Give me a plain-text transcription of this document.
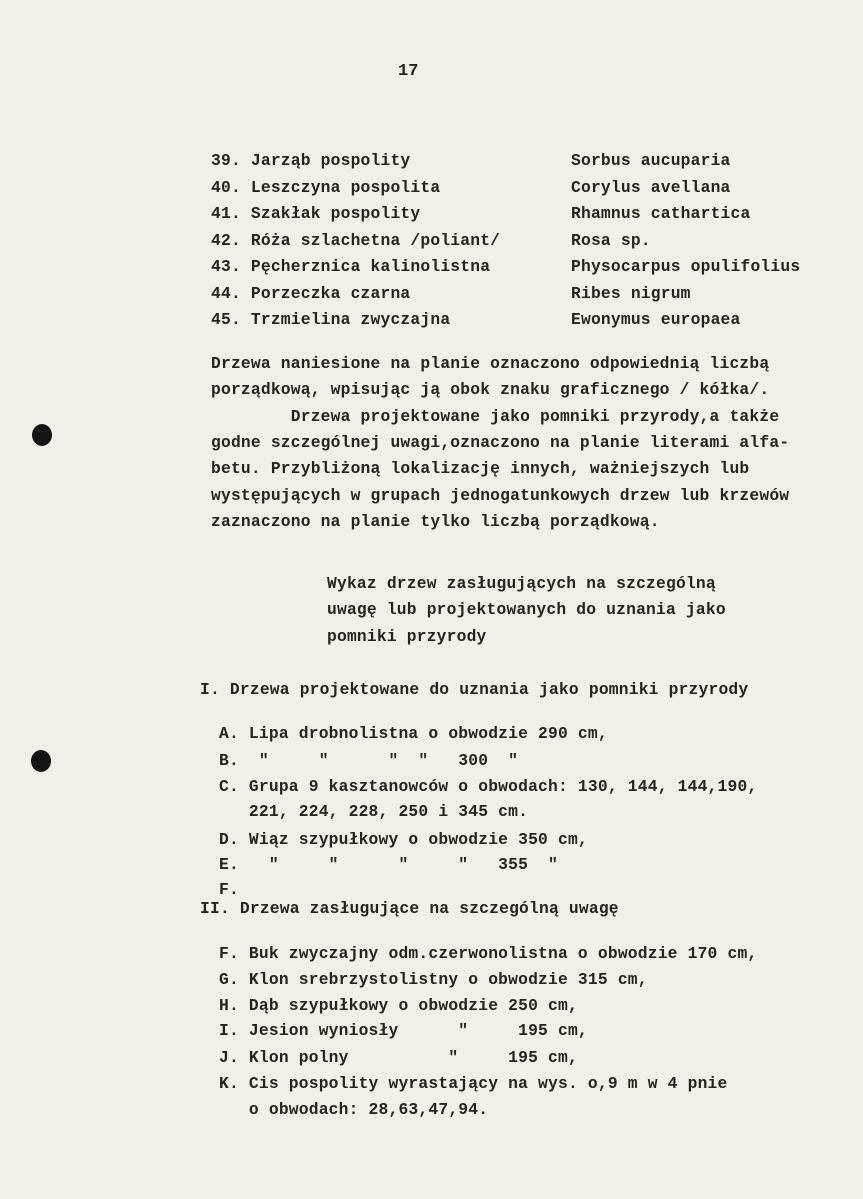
17
39. Jarząb pospolity	Sorbus aucuparia
40. Leszczyna pospolita	Corylus avellana
41. Szakłak pospolity	Rhamnus cathartica
42. Róża szlachetna /poliant/	Rosa sp.
43. Pęcherznica kalinolistna	Physocarpus opulifolius
44. Porzeczka czarna	Ribes nigrum
45. Trzmielina zwyczajna	Ewonymus europaea
Drzewa naniesione na planie oznaczono odpowiednią liczbą
porządkową, wpisując ją obok znaku graficznego / kółka/.
Drzewa projektowane jako pomniki przyrody,a także
godne szczególnej uwagi,oznaczono na planie literami alfa-
betu. Przybliżoną lokalizację innych, ważniejszych lub
występujących w grupach jednogatunkowych drzew lub krzewów
zaznaczono na planie tylko liczbą porządkową.
Wykaz drzew zasługujących na szczególną
uwagę lub projektowanych do uznania jako
pomniki przyrody
I. Drzewa projektowane do uznania jako pomniki przyrody
A. Lipa drobnolistna o obwodzie 290 cm,
B.  "     "      "  "   300  "
C. Grupa 9 kasztanowców o obwodach: 130, 144, 144,190,
221, 224, 228, 250 i 345 cm.
D. Wiąz szypułkowy o obwodzie 350 cm,
E.   "     "      "     "   355  "
F.
II. Drzewa zasługujące na szczególną uwagę
F. Buk zwyczajny odm.czerwonolistna o obwodzie 170 cm,
G. Klon srebrzystolistny o obwodzie 315 cm,
H. Dąb szypułkowy o obwodzie 250 cm,
I. Jesion wyniosły      "     195 cm,
J. Klon polny          "     195 cm,
K. Cis pospolity wyrastający na wys. o,9 m w 4 pnie
o obwodach: 28,63,47,94.
